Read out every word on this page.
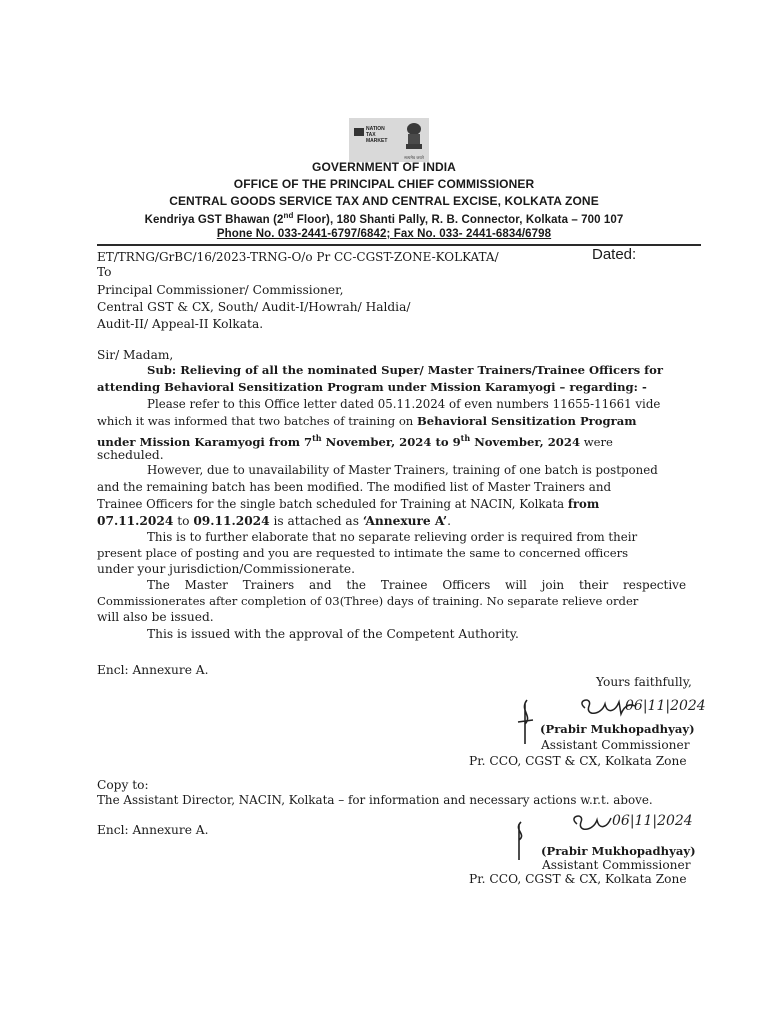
NATION
TAX
MARKET
सत्यमेव जयते
GOVERNMENT OF INDIA
OFFICE OF THE PRINCIPAL CHIEF COMMISSIONER
CENTRAL GOODS SERVICE TAX AND CENTRAL EXCISE, KOLKATA ZONE
Kendriya GST Bhawan (2nd Floor), 180 Shanti Pally, R. B. Connector, Kolkata – 700 107
Phone No. 033-2441-6797/6842; Fax No. 033- 2441-6834/6798
ET/TRNG/GrBC/16/2023-TRNG-O/o Pr CC-CGST-ZONE-KOLKATA/	Dated:
To
Principal Commissioner/ Commissioner,
Central GST & CX, South/ Audit-I/Howrah/ Haldia/
Audit-II/ Appeal-II Kolkata.
Sir/ Madam,
Sub: Relieving of all the nominated Super/ Master Trainers/Trainee Officers for
attending Behavioral Sensitization Program under Mission Karamyogi – regarding: -
Please refer to this Office letter dated 05.11.2024 of even numbers 11655-11661 vide
which it was informed that two batches of training on Behavioral Sensitization Program
under Mission Karamyogi from 7th November, 2024 to 9th November, 2024 were
scheduled.
However, due to unavailability of Master Trainers, training of one batch is postponed
and the remaining batch has been modified. The modified list of Master Trainers and
Trainee Officers for the single batch scheduled for Training at NACIN, Kolkata from
07.11.2024 to 09.11.2024 is attached as ‘Annexure A’.
This is to further elaborate that no separate relieving order is required from their
present place of posting and you are requested to intimate the same to concerned officers
under your jurisdiction/Commissionerate.
The Master Trainers and the Trainee Officers will join their respective
Commissionerates after completion of 03(Three) days of training. No separate relieve order
will also be issued.
This is issued with the approval of the Competent Authority.
Encl: Annexure A.
Yours faithfully,
06|11|2024
(Prabir Mukhopadhyay)
Assistant Commissioner
Pr. CCO, CGST & CX, Kolkata Zone
Copy to:
The Assistant Director, NACIN, Kolkata – for information and necessary actions w.r.t. above.
Encl: Annexure A.
06|11|2024
(Prabir Mukhopadhyay)
Assistant Commissioner
Pr. CCO, CGST & CX, Kolkata Zone
